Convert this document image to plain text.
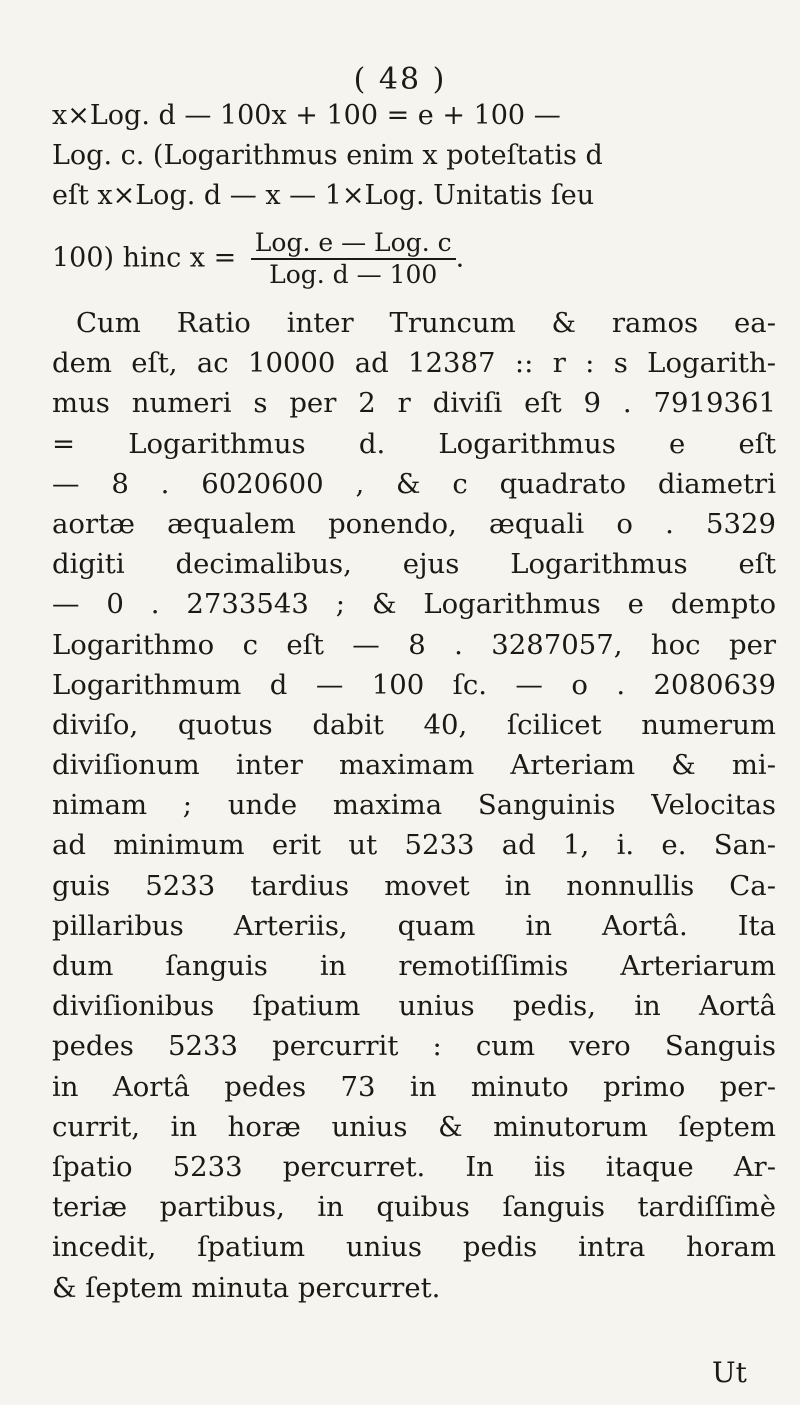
( 48 )
x×Log. d — 100x + 100 = e + 100 —
Log. c. (Logarithmus enim x poteſtatis d
eſt x×Log. d — x — 1×Log. Unitatis ſeu
100) hinc $x = \frac{\text{Log. e — Log. c}}{\text{Log. d — 100}}$ .
Cum Ratio inter Truncum & ramos ea-
dem eſt, ac 10000 ad 12387 :: r : s Logarith-
mus numeri s per 2 r diviſi eſt 9 . 7919361
= Logarithmus d. Logarithmus e eſt
— 8 . 6020600 , & c quadrato diametri
aortæ æqualem ponendo, æquali o . 5329
digiti decimalibus, ejus Logarithmus eſt
— 0 . 2733543 ; & Logarithmus e dempto
Logarithmo c eſt — 8 . 3287057, hoc per
Logarithmum d — 100 ſc. — o . 2080639
diviſo, quotus dabit 40, ſcilicet numerum
diviſionum inter maximam Arteriam & mi-
nimam ; unde maxima Sanguinis Velocitas
ad minimum erit ut 5233 ad 1, i. e. San-
guis 5233 tardius movet in nonnullis Ca-
pillaribus Arteriis, quam in Aortâ. Ita
dum ſanguis in remotiſſimis Arteriarum
diviſionibus ſpatium unius pedis, in Aortâ
pedes 5233 percurrit : cum vero Sanguis
in Aortâ pedes 73 in minuto primo per-
currit, in horæ unius & minutorum ſeptem
ſpatio 5233 percurret. In iis itaque Ar-
teriæ partibus, in quibus ſanguis tardiſſimè
incedit, ſpatium unius pedis intra horam
& ſeptem minuta percurret.
Ut
